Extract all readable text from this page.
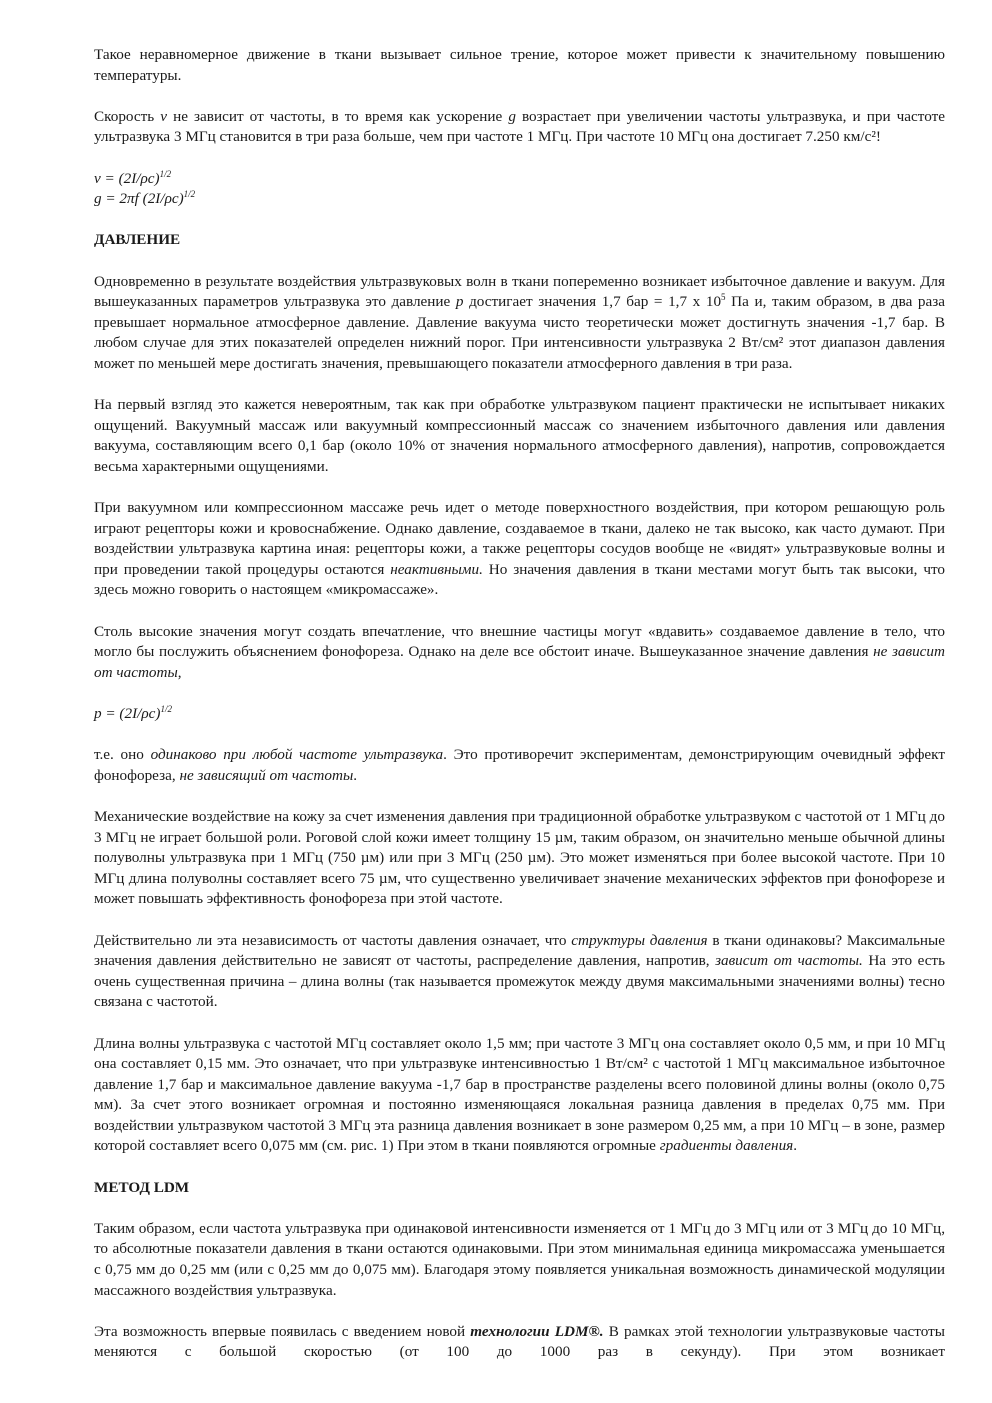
Такое неравномерное движение в ткани вызывает сильное трение, которое может привести к значительному повышению температуры.

Скорость v не зависит от частоты, в то время как ускорение g возрастает при увеличении частоты ультразвука, и при частоте ультразвука 3 МГц становится в три раза больше, чем при частоте 1 МГц. При частоте 10 МГц она достигает 7.250 км/с²!

$v = (2I/\rho c)^{1/2}$

g = 2πf $(2I/\rho c)^{1/2}$

ДАВЛЕНИЕ

Одновременно в результате воздействия ультразвуковых волн в ткани попеременно возникает избыточное давление и вакуум. Для вышеуказанных параметров ультразвука это давление p достигает значения 1,7 бар = 1,7 х $10^5$ Па и, таким образом, в два раза превышает нормальное атмосферное давление. Давление вакуума чисто теоретически может достигнуть значения -1,7 бар. В любом случае для этих показателей определен нижний порог. При интенсивности ультразвука 2 Вт/см² этот диапазон давления может по меньшей мере достигать значения, превышающего показатели атмосферного давления в три раза.

На первый взгляд это кажется невероятным, так как при обработке ультразвуком пациент практически не испытывает никаких ощущений. Вакуумный массаж или вакуумный компрессионный массаж со значением избыточного давления или давления вакуума, составляющим всего 0,1 бар (около 10% от значения нормального атмосферного давления), напротив, сопровождается весьма характерными ощущениями.

При вакуумном или компрессионном массаже речь идет о методе поверхностного воздействия, при котором решающую роль играют рецепторы кожи и кровоснабжение. Однако давление, создаваемое в ткани, далеко не так высоко, как часто думают. При воздействии ультразвука картина иная: рецепторы кожи, а также рецепторы сосудов вообще не «видят» ультразвуковые волны и при проведении такой процедуры остаются неактивными. Но значения давления в ткани местами могут быть так высоки, что здесь можно говорить о настоящем «микромассаже».

Столь высокие значения могут создать впечатление, что внешние частицы могут «вдавить» создаваемое давление в тело, что могло бы послужить объяснением фонофореза. Однако на деле все обстоит иначе. Вышеуказанное значение давления не зависит от частоты,

$p = (2I/\rho c)^{1/2}$

т.е. оно одинаково при любой частоте ультразвука. Это противоречит экспериментам, демонстрирующим очевидный эффект фонофореза, не зависящий от частоты.

Механические воздействие на кожу за счет изменения давления при традиционной обработке ультразвуком с частотой от 1 МГц до 3 МГц не играет большой роли. Роговой слой кожи имеет толщину 15 µм, таким образом, он значительно меньше обычной длины полуволны ультразвука при 1 МГц (750 µм) или при 3 МГц (250 µм). Это может изменяться при более высокой частоте. При 10 МГц длина полуволны составляет всего 75 µм, что существенно увеличивает значение механических эффектов при фонофорезе и может повышать эффективность фонофореза при этой частоте.

Действительно ли эта независимость от частоты давления означает, что структуры давления в ткани одинаковы? Максимальные значения давления действительно не зависят от частоты, распределение давления, напротив, зависит от частоты. На это есть очень существенная причина – длина волны (так называется промежуток между двумя максимальными значениями волны) тесно связана с частотой.

Длина волны ультразвука с частотой МГц составляет около 1,5 мм; при частоте 3 МГц она составляет около 0,5 мм, и при 10 МГц она составляет 0,15 мм. Это означает, что при ультразвуке интенсивностью 1 Вт/см² с частотой 1 МГц максимальное избыточное давление 1,7 бар и максимальное давление вакуума -1,7 бар в пространстве разделены всего половиной длины волны (около 0,75 мм). За счет этого возникает огромная и постоянно изменяющаяся локальная разница давления в пределах 0,75 мм. При воздействии ультразвуком частотой 3 МГц эта разница давления возникает в зоне размером 0,25 мм, а при 10 МГц – в зоне, размер которой составляет всего 0,075 мм (см. рис. 1) При этом в ткани появляются огромные градиенты давления.

МЕТОД LDM

Таким образом, если частота ультразвука при одинаковой интенсивности изменяется от 1 МГц до 3 МГц или от 3 МГц до 10 МГц, то абсолютные показатели давления в ткани остаются одинаковыми. При этом минимальная единица микромассажа уменьшается с 0,75 мм до 0,25 мм (или с 0,25 мм до 0,075 мм). Благодаря этому появляется уникальная возможность динамической модуляции массажного воздействия ультразвука.

Эта возможность впервые появилась с введением новой технологии LDM®. В рамках этой технологии ультразвуковые частоты меняются с большой скоростью (от 100 до 1000 раз в секунду). При этом возникает
